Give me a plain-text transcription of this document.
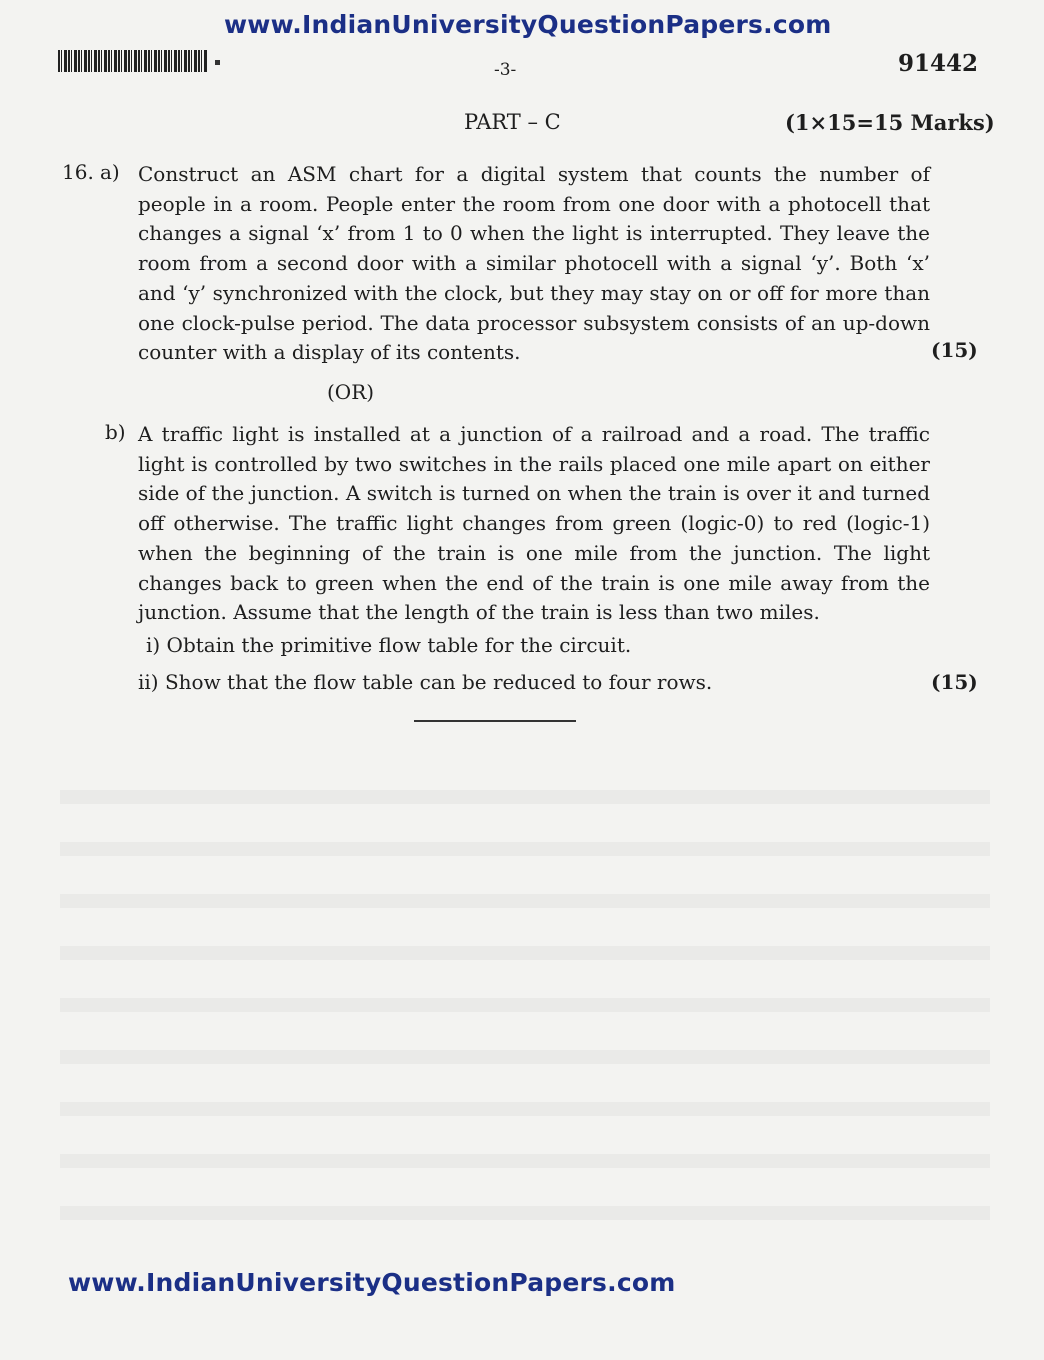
www.IndianUniversityQuestionPapers.com
-3-	91442
PART – C	(1×15=15 Marks)
16. a) Construct an ASM chart for a digital system that counts the number of people in a room. People enter the room from one door with a photocell that changes a signal ‘x’ from 1 to 0 when the light is interrupted. They leave the room from a second door with a similar photocell with a signal ‘y’. Both ‘x’ and ‘y’ synchronized with the clock, but they may stay on or off for more than one clock-pulse period. The data processor subsystem consists of an up-down counter with a display of its contents.	(15)
(OR)
b) A traffic light is installed at a junction of a railroad and a road. The traffic light is controlled by two switches in the rails placed one mile apart on either side of the junction. A switch is turned on when the train is over it and turned off otherwise. The traffic light changes from green (logic-0) to red (logic-1) when the beginning of the train is one mile from the junction. The light changes back to green when the end of the train is one mile away from the junction. Assume that the length of the train is less than two miles.
i) Obtain the primitive flow table for the circuit.
ii) Show that the flow table can be reduced to four rows.	(15)
www.IndianUniversityQuestionPapers.com
